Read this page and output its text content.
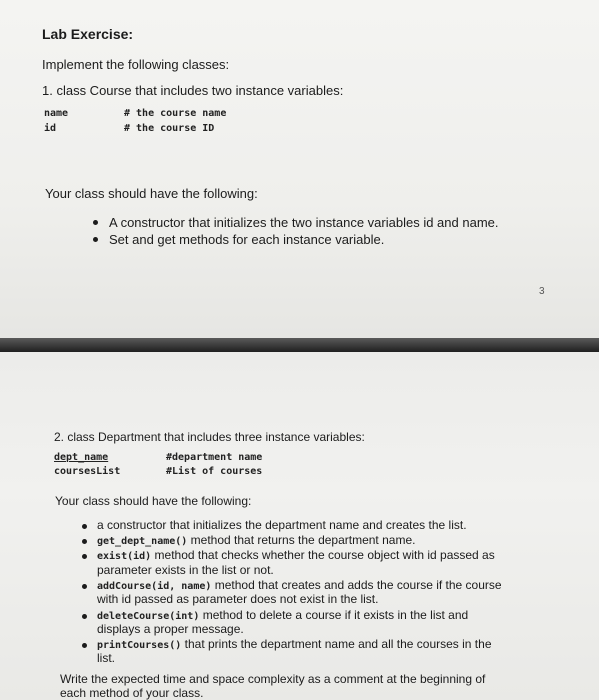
Lab Exercise:
Implement the following classes:
1. class Course that includes two instance variables:
name	# the course name
id	# the course ID
Your class should have the following:
A constructor that initializes the two instance variables id and name.
Set and get methods for each instance variable.
3
2. class Department that includes three instance variables:
dept_name	#department name
coursesList	#List of courses
Your class should have the following:
a constructor that initializes the department name and creates the list.
get_dept_name() method that returns the department name.
exist(id) method that checks whether the course object with id passed as
parameter exists in the list or not.
addCourse(id, name) method that creates and adds the course if the course
with id passed as parameter does not exist in the list.
deleteCourse(int) method to delete a course if it exists in the list and
displays a proper message.
printCourses() that prints the department name and all the courses in the
list.
Write the expected time and space complexity as a comment at the beginning of
each method of your class.
